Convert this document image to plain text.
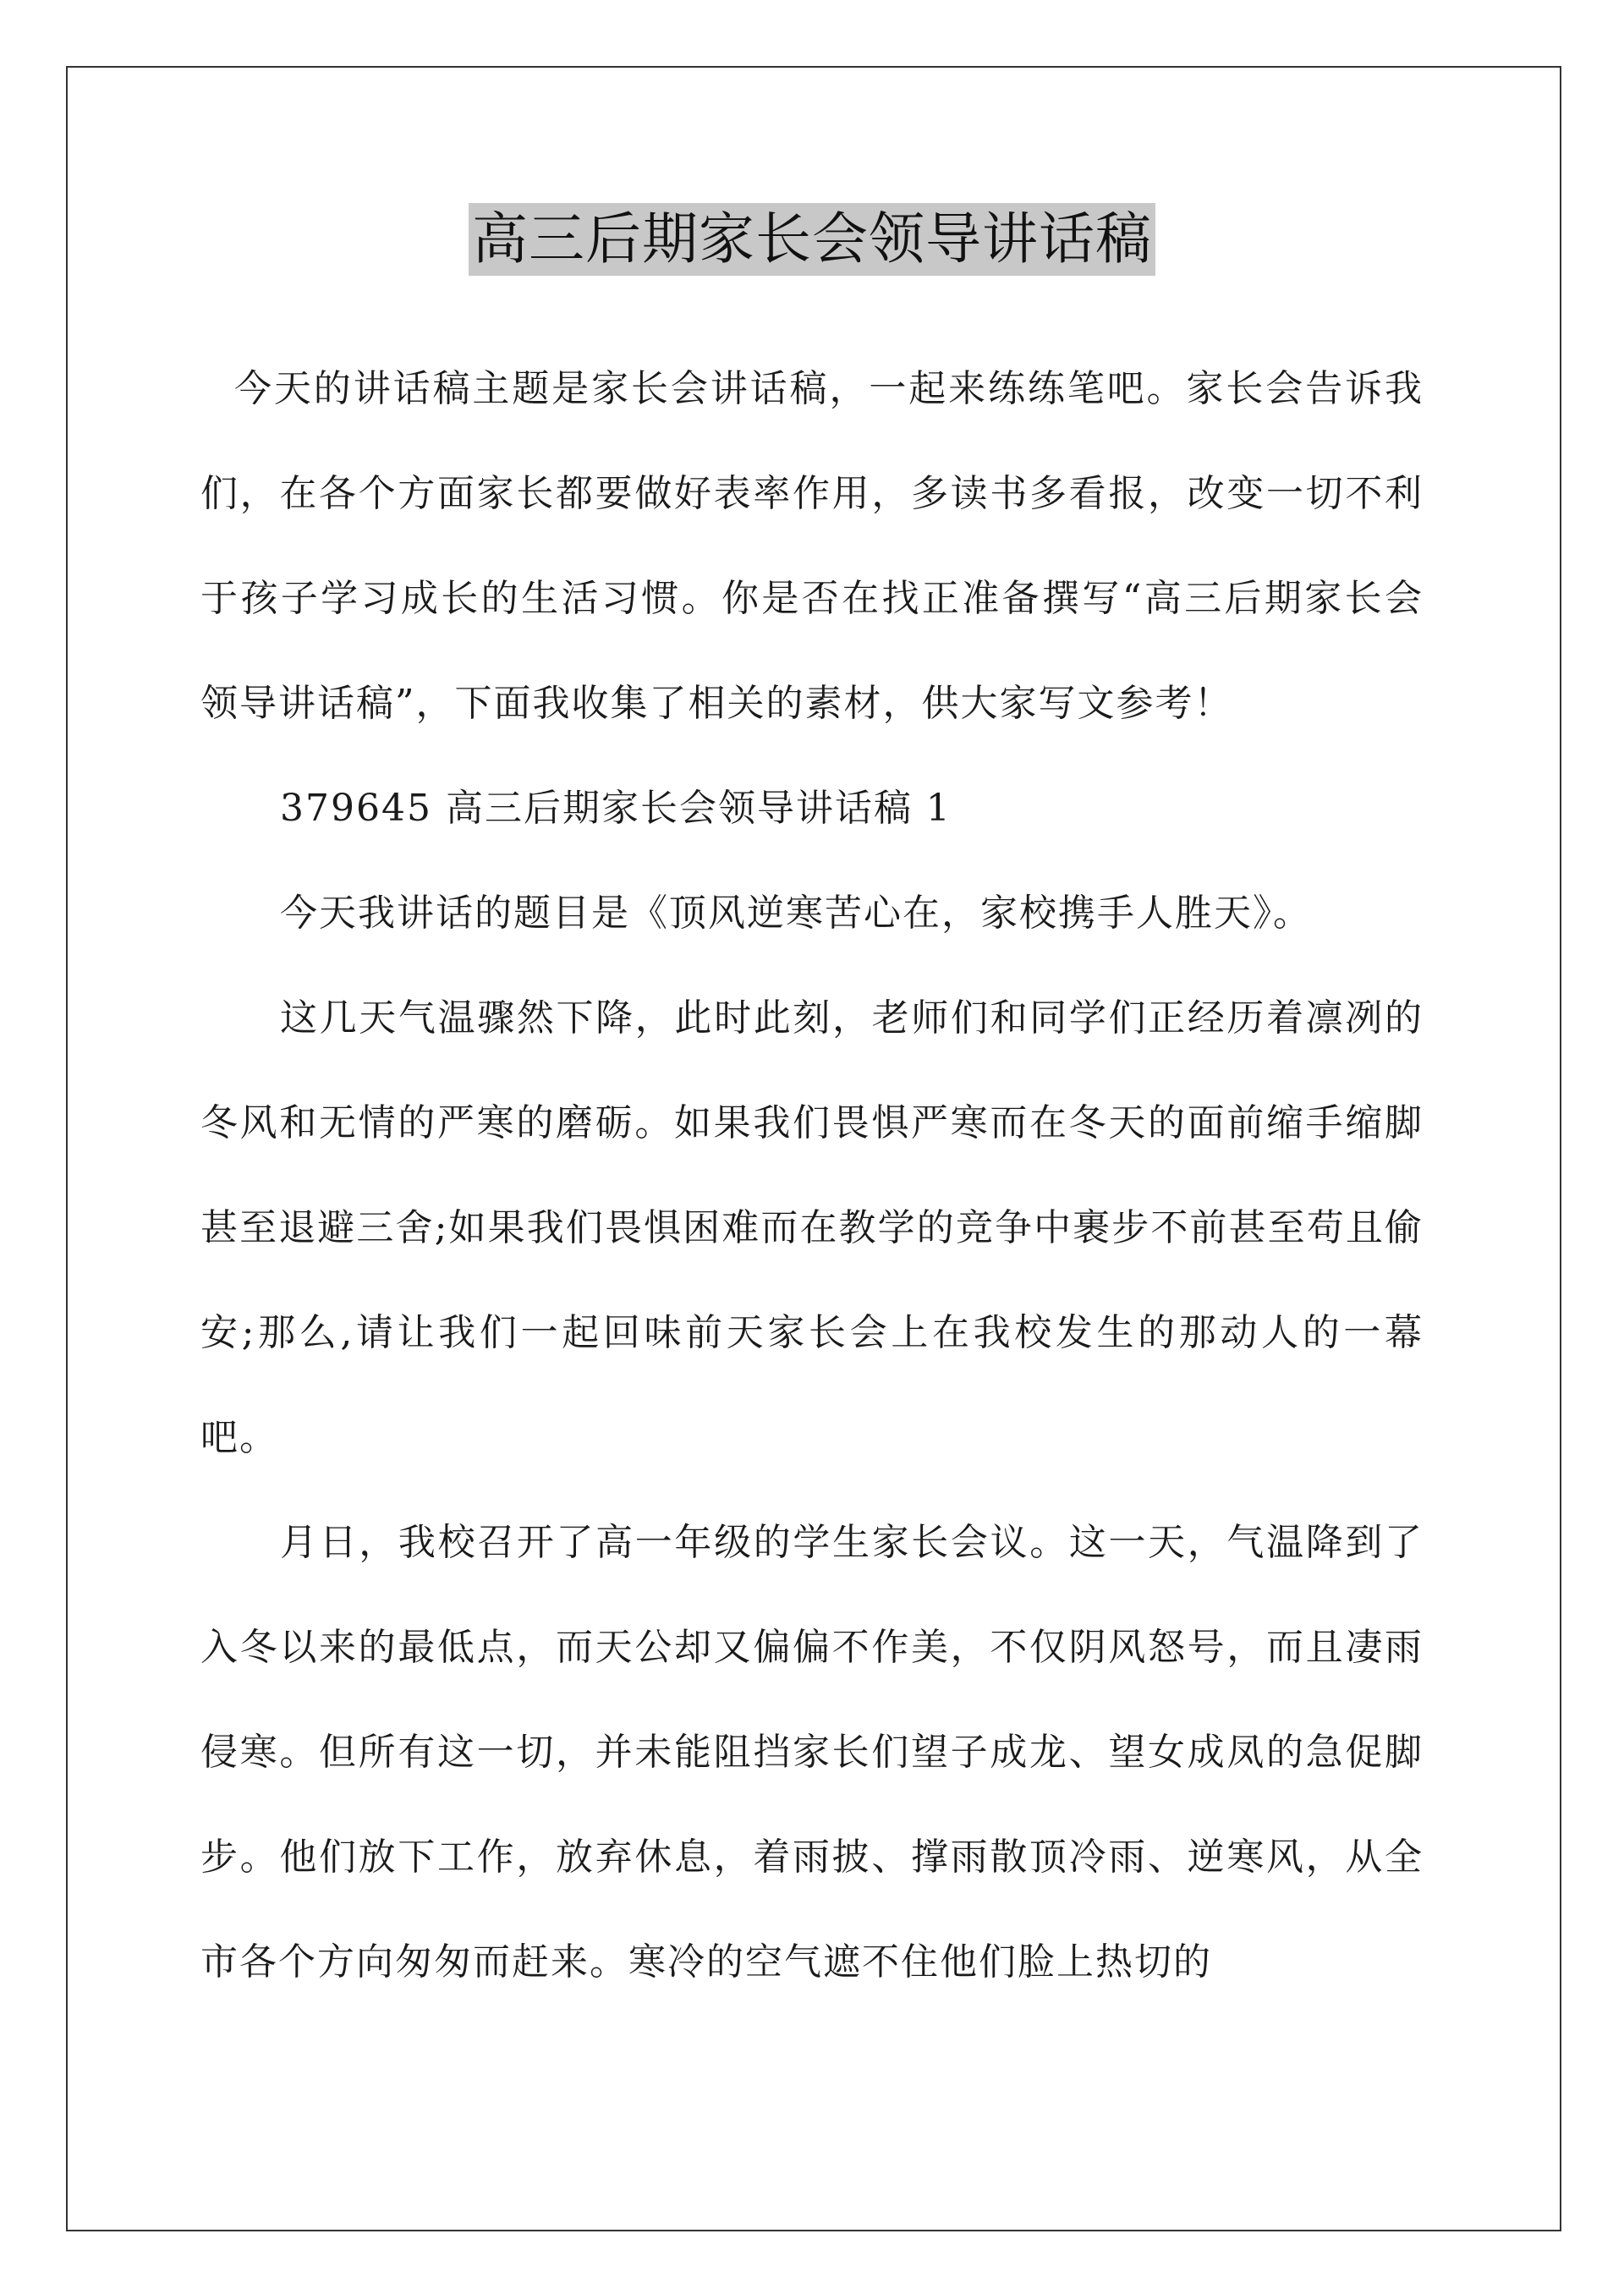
高三后期家长会领导讲话稿

今天的讲话稿主题是家长会讲话稿，一起来练练笔吧。家长会告诉我们，在各个方面家长都要做好表率作用，多读书多看报，改变一切不利于孩子学习成长的生活习惯。你是否在找正准备撰写“高三后期家长会领导讲话稿”，下面我收集了相关的素材，供大家写文参考！

379645 高三后期家长会领导讲话稿 1

今天我讲话的题目是《顶风逆寒苦心在，家校携手人胜天》。

这几天气温骤然下降，此时此刻，老师们和同学们正经历着凛冽的冬风和无情的严寒的磨砺。如果我们畏惧严寒而在冬天的面前缩手缩脚甚至退避三舍;如果我们畏惧困难而在教学的竞争中裹步不前甚至苟且偷安;那么,请让我们一起回味前天家长会上在我校发生的那动人的一幕吧。

月日，我校召开了高一年级的学生家长会议。这一天，气温降到了入冬以来的最低点，而天公却又偏偏不作美，不仅阴风怒号，而且凄雨侵寒。但所有这一切，并未能阻挡家长们望子成龙、望女成凤的急促脚步。他们放下工作，放弃休息，着雨披、撑雨散顶冷雨、逆寒风，从全市各个方向匆匆而赶来。寒冷的空气遮不住他们脸上热切的
